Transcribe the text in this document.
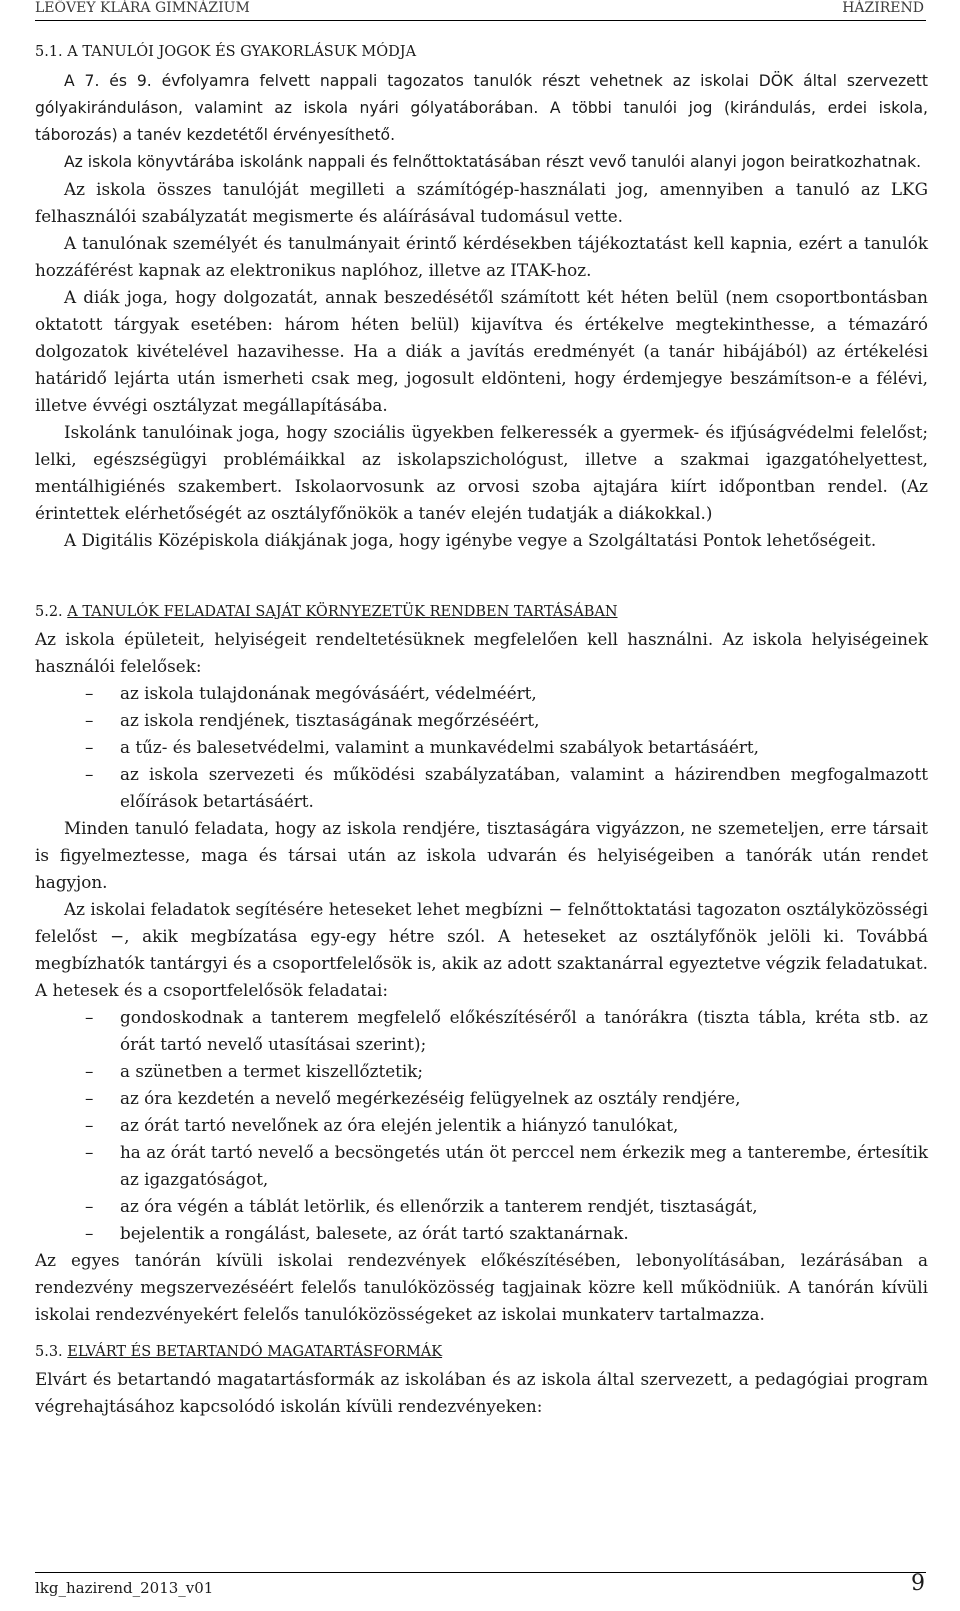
LEŐVEY KLÁRA GIMNÁZIUM	HÁZIREND
5.1. A TANULÓI JOGOK ÉS GYAKORLÁSUK MÓDJA

A 7. és 9. évfolyamra felvett nappali tagozatos tanulók részt vehetnek az iskolai DÖK által szervezett gólyakiránduláson, valamint az iskola nyári gólyatáborában. A többi tanulói jog (kirándulás, erdei iskola, táborozás) a tanév kezdetétől érvényesíthető.

Az iskola könyvtárába iskolánk nappali és felnőttoktatásában részt vevő tanulói alanyi jogon beiratkozhatnak.

Az iskola összes tanulóját megilleti a számítógép-használati jog, amennyiben a tanuló az LKG felhasználói szabályzatát megismerte és aláírásával tudomásul vette.

A tanulónak személyét és tanulmányait érintő kérdésekben tájékoztatást kell kapnia, ezért a tanulók hozzáférést kapnak az elektronikus naplóhoz, illetve az ITAK-hoz.

A diák joga, hogy dolgozatát, annak beszedésétől számított két héten belül (nem csoportbontásban oktatott tárgyak esetében: három héten belül) kijavítva és értékelve megtekinthesse, a témazáró dolgozatok kivételével hazavihesse. Ha a diák a javítás eredményét (a tanár hibájából) az értékelési határidő lejárta után ismerheti csak meg, jogosult eldönteni, hogy érdemjegye beszámítson-e a félévi, illetve évvégi osztályzat megállapításába.

Iskolánk tanulóinak joga, hogy szociális ügyekben felkeressék a gyermek- és ifjúságvédelmi felelőst; lelki, egészségügyi problémáikkal az iskolapszichológust, illetve a szakmai igazgatóhelyettest, mentálhigiénés szakembert. Iskolaorvosunk az orvosi szoba ajtajára kiírt időpontban rendel. (Az érintettek elérhetőségét az osztályfőnökök a tanév elején tudatják a diákokkal.)

A Digitális Középiskola diákjának joga, hogy igénybe vegye a Szolgáltatási Pontok lehetőségeit.

5.2. A TANULÓK FELADATAI SAJÁT KÖRNYEZETÜK RENDBEN TARTÁSÁBAN

Az iskola épületeit, helyiségeit rendeltetésüknek megfelelően kell használni. Az iskola helyiségeinek használói felelősek:

– az iskola tulajdonának megóvásáért, védelméért,
– az iskola rendjének, tisztaságának megőrzéséért,
– a tűz- és balesetvédelmi, valamint a munkavédelmi szabályok betartásáért,
– az iskola szervezeti és működési szabályzatában, valamint a házirendben megfogalmazott előírások betartásáért.

Minden tanuló feladata, hogy az iskola rendjére, tisztaságára vigyázzon, ne szemeteljen, erre társait is figyelmeztesse, maga és társai után az iskola udvarán és helyiségeiben a tanórák után rendet hagyjon.

Az iskolai feladatok segítésére heteseket lehet megbízni − felnőttoktatási tagozaton osztályközösségi felelőst −, akik megbízatása egy-egy hétre szól. A heteseket az osztályfőnök jelöli ki. Továbbá megbízhatók tantárgyi és a csoportfelelősök is, akik az adott szaktanárral egyeztetve végzik feladatukat. A hetesek és a csoportfelelősök feladatai:

– gondoskodnak a tanterem megfelelő előkészítéséről a tanórákra (tiszta tábla, kréta stb. az órát tartó nevelő utasításai szerint);
– a szünetben a termet kiszellőztetik;
– az óra kezdetén a nevelő megérkezéséig felügyelnek az osztály rendjére,
– az órát tartó nevelőnek az óra elején jelentik a hiányzó tanulókat,
– ha az órát tartó nevelő a becsöngetés után öt perccel nem érkezik meg a tanterembe, értesítik az igazgatóságot,
– az óra végén a táblát letörlik, és ellenőrzik a tanterem rendjét, tisztaságát,
– bejelentik a rongálást, balesete, az órát tartó szaktanárnak.

Az egyes tanórán kívüli iskolai rendezvények előkészítésében, lebonyolításában, lezárásában a rendezvény megszervezéséért felelős tanulóközösség tagjainak közre kell működniük. A tanórán kívüli iskolai rendezvényekért felelős tanulóközösségeket az iskolai munkaterv tartalmazza.

5.3. ELVÁRT ÉS BETARTANDÓ MAGATARTÁSFORMÁK

Elvárt és betartandó magatartásformák az iskolában és az iskola által szervezett, a pedagógiai program végrehajtásához kapcsolódó iskolán kívüli rendezvényeken:

lkg_hazirend_2013_v01	9
